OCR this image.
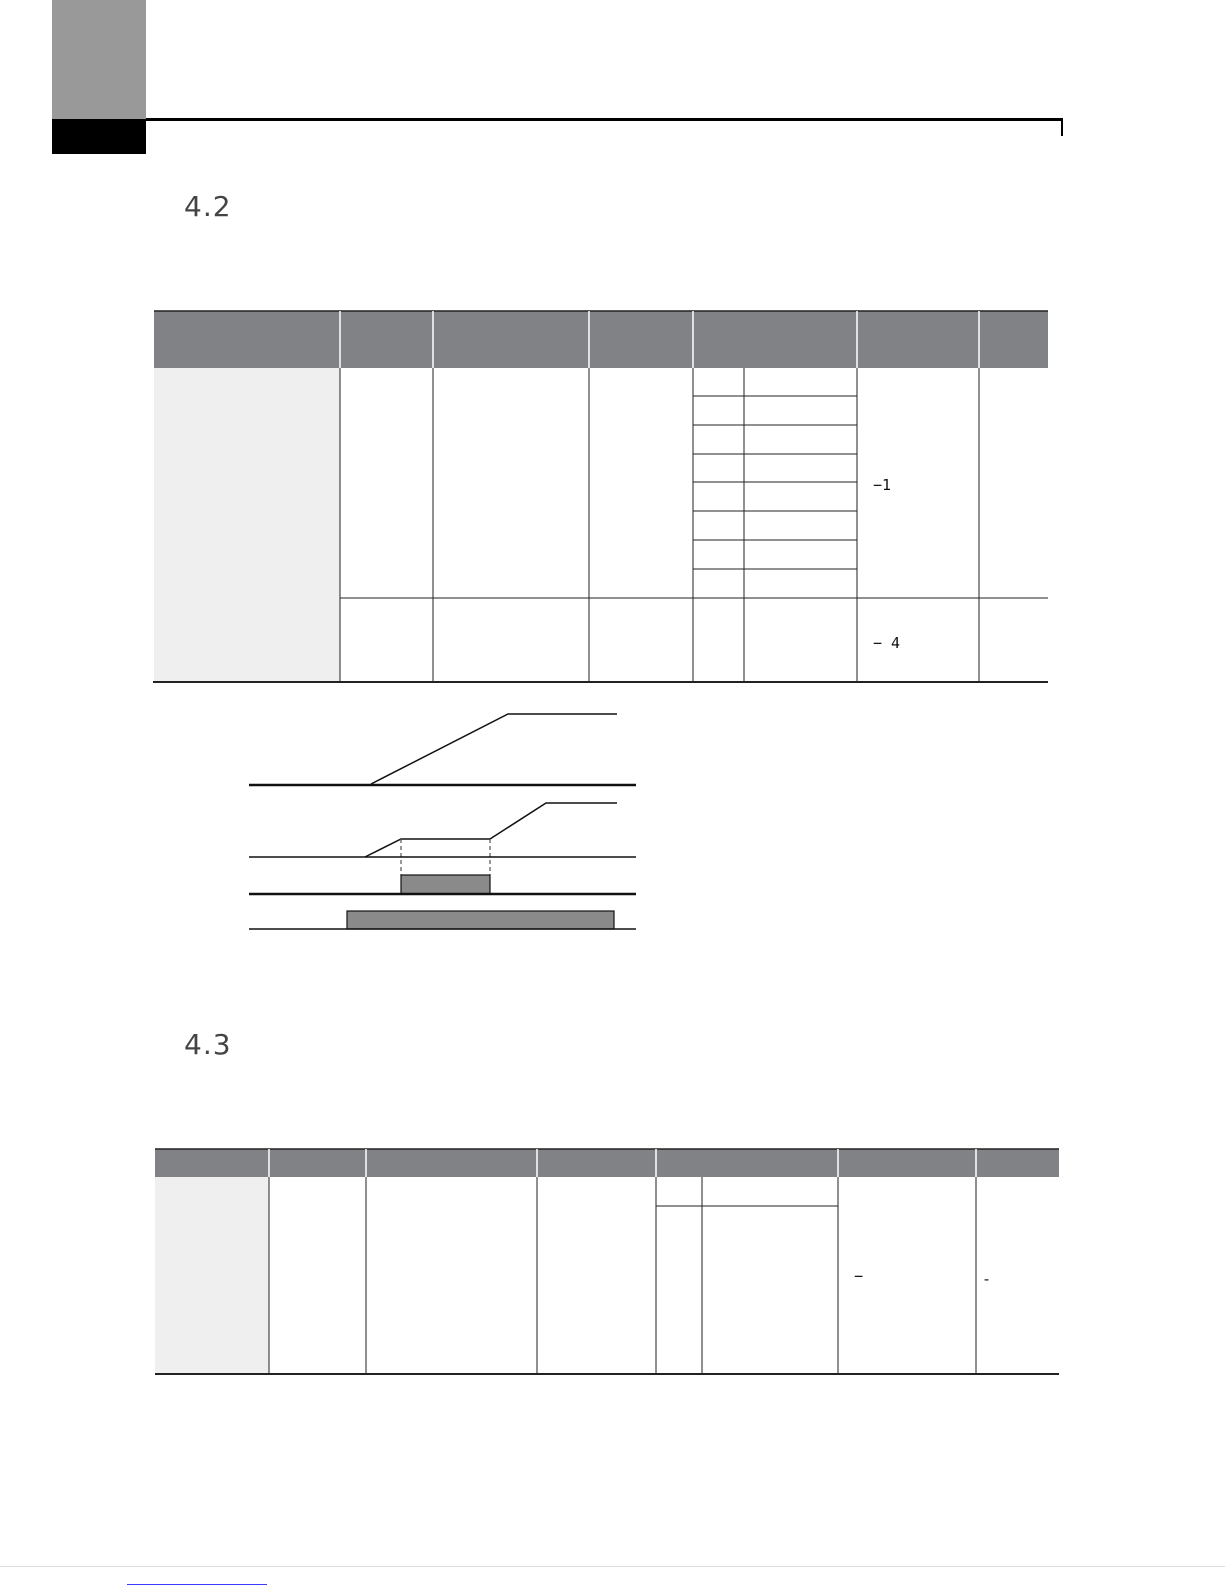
4.2
4.3
−1
− 4
−	-
